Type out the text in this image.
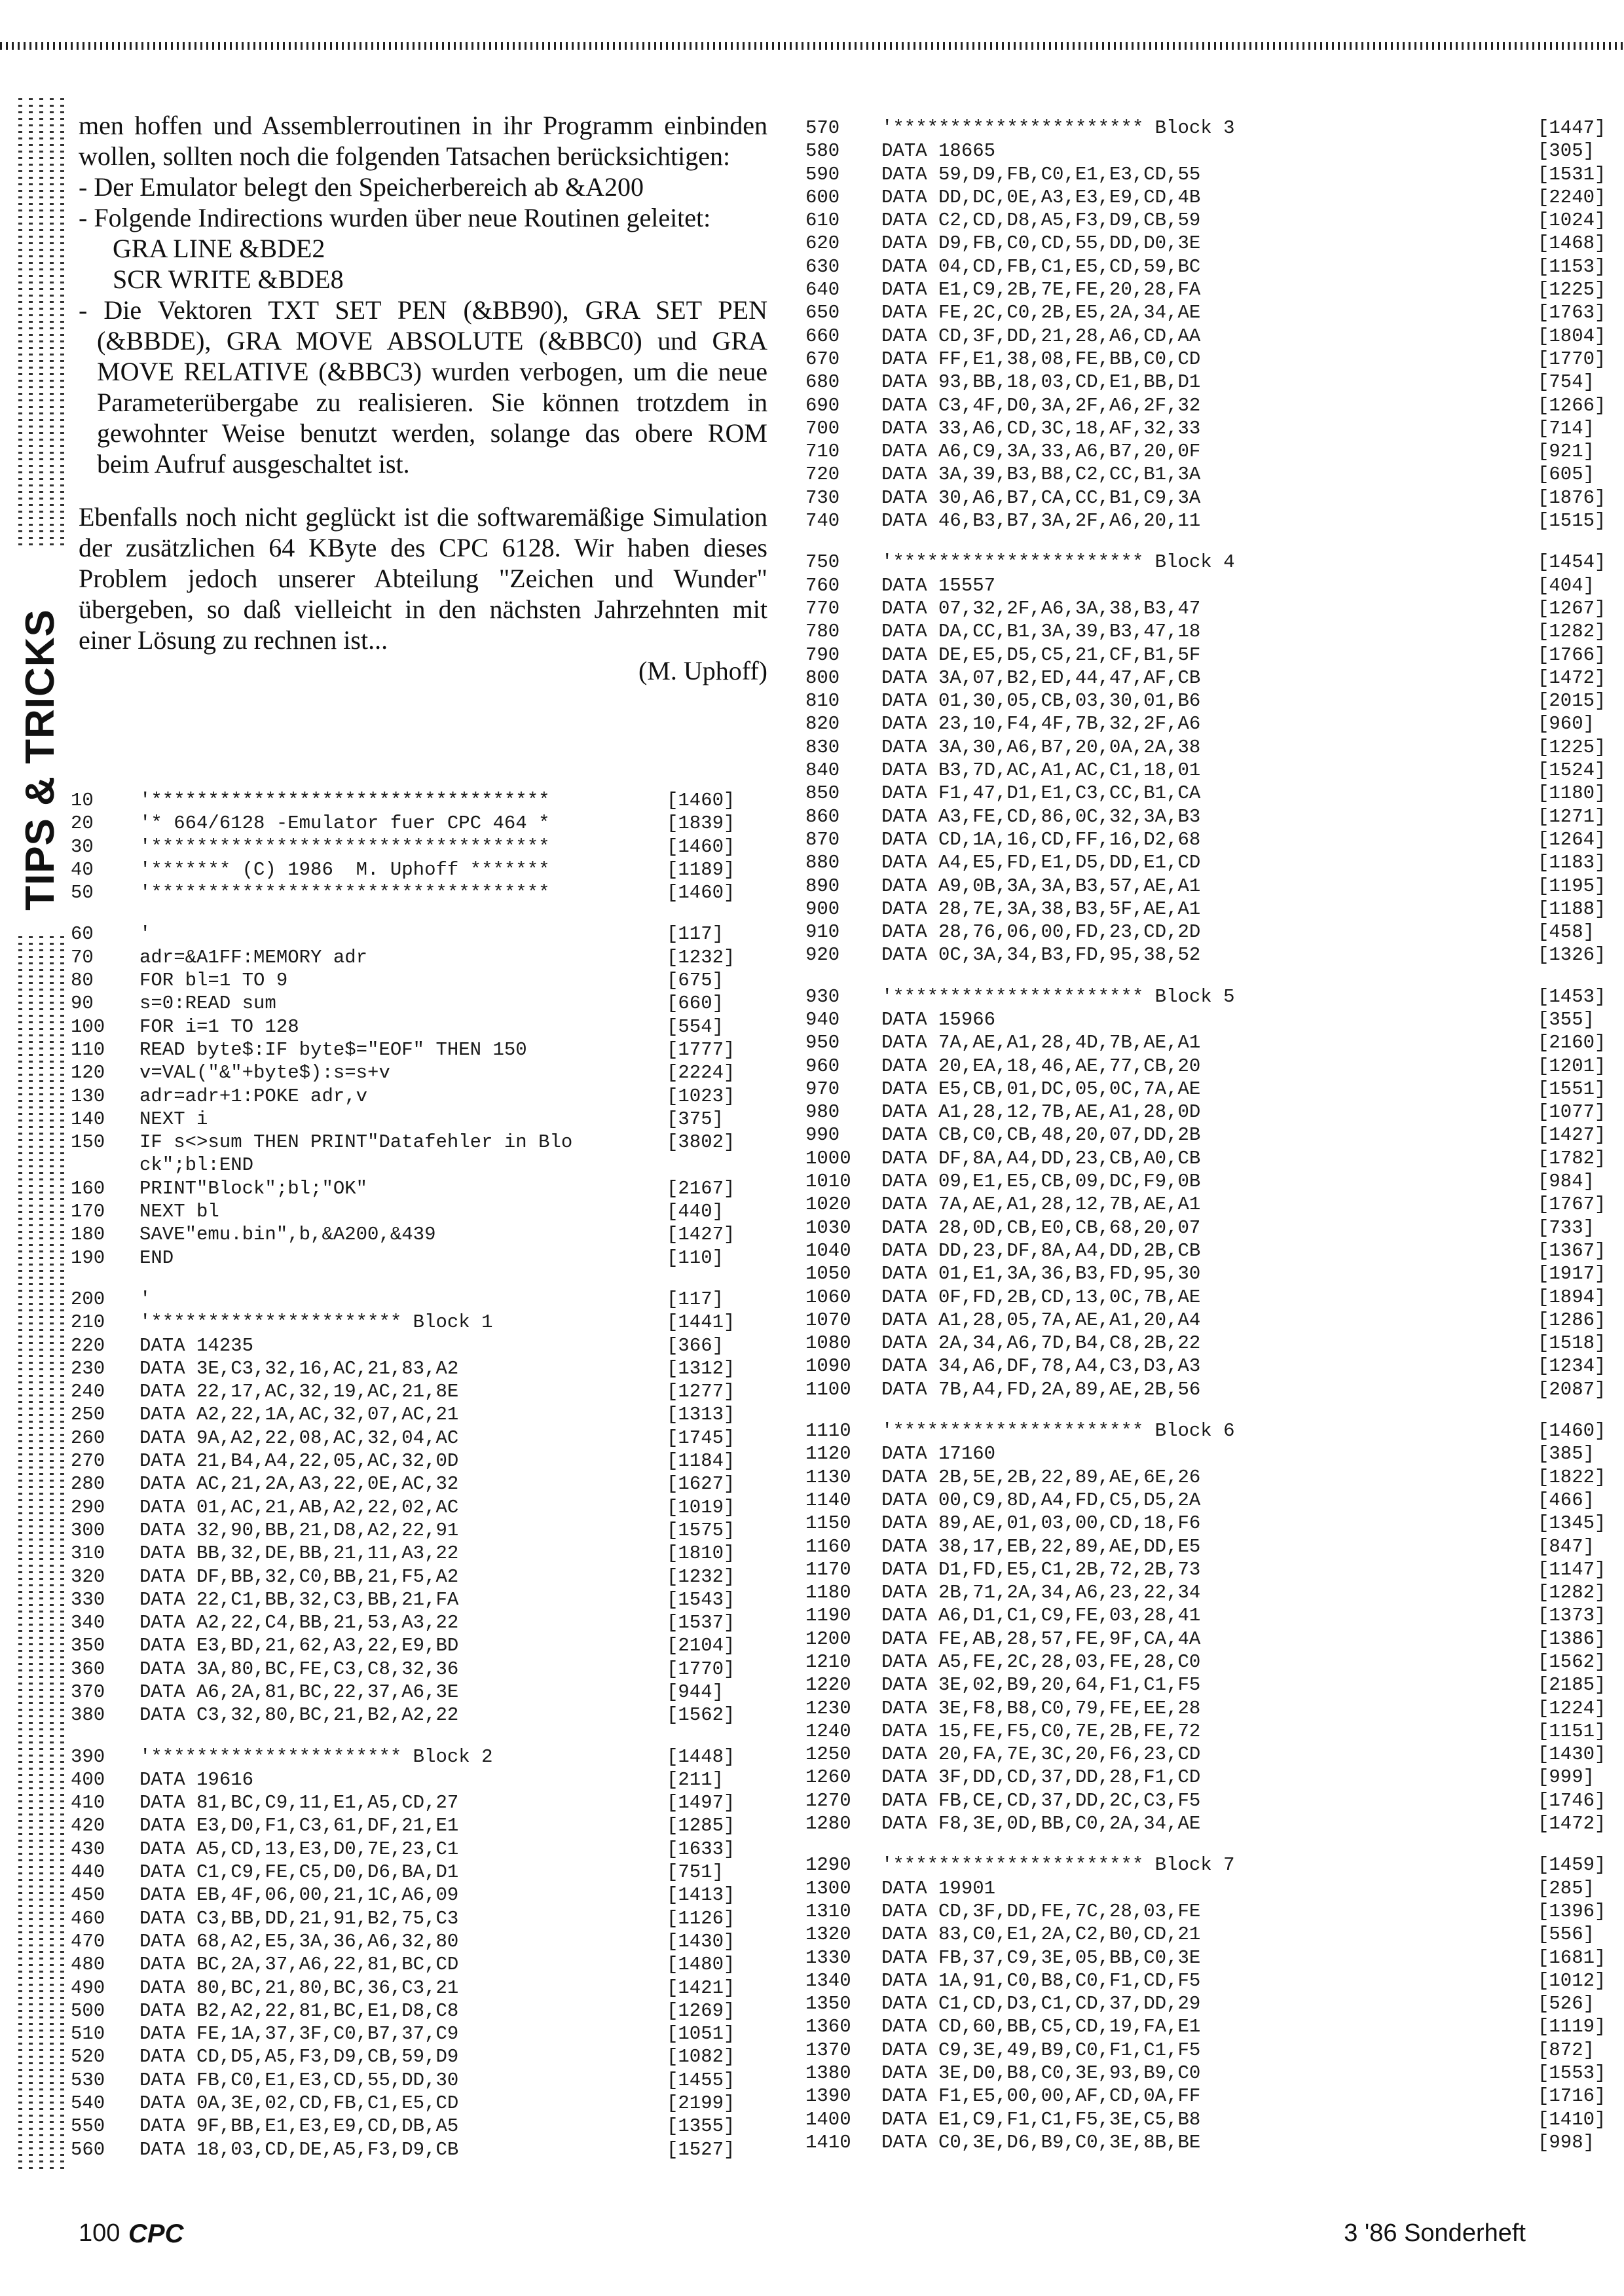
TIPS & TRICKS

men hoffen und Assemblerroutinen in ihr Programm einbinden wollen, sollten noch die folgenden Tatsachen berücksichtigen:

- Der Emulator belegt den Speicherbereich ab &A200
- Folgende Indirections wurden über neue Routinen geleitet:
GRA LINE &BDE2
SCR WRITE &BDE8
- Die Vektoren TXT SET PEN (&BB90), GRA SET PEN (&BBDE), GRA MOVE ABSOLUTE (&BBC0) und GRA MOVE RELATIVE (&BBC3) wurden verbogen, um die neue Parameterübergabe zu realisieren. Sie können trotzdem in gewohnter Weise benutzt werden, solange das obere ROM beim Aufruf ausgeschaltet ist.

Ebenfalls noch nicht geglückt ist die softwaremäßige Simulation der zusätzlichen 64 KByte des CPC 6128. Wir haben dieses Problem jedoch unserer Abteilung "Zeichen und Wunder" übergeben, so daß vielleicht in den nächsten Jahrzehnten mit einer Lösung zu rechnen ist...

(M. Uphoff)

10	'***********************************	[1460]
20	'* 664/6128 -Emulator fuer CPC 464 *	[1839]
30	'***********************************	[1460]
40	'******* (C) 1986  M. Uphoff *******	[1189]
50	'***********************************	[1460]
60	'	[117]
70	adr=&A1FF:MEMORY adr	[1232]
80	FOR bl=1 TO 9	[675]
90	s=0:READ sum	[660]
100	FOR i=1 TO 128	[554]
110	READ byte$:IF byte$="EOF" THEN 150	[1777]
120	v=VAL("&"+byte$):s=s+v	[2224]
130	adr=adr+1:POKE adr,v	[1023]
140	NEXT i	[375]
150	IF s<>sum THEN PRINT"Datafehler in Blo	[3802]
ck";bl:END
160	PRINT"Block";bl;"OK"	[2167]
170	NEXT bl	[440]
180	SAVE"emu.bin",b,&A200,&439	[1427]
190	END	[110]
200	'	[117]
210	'********************** Block 1	[1441]
220	DATA 14235	[366]
230	DATA 3E,C3,32,16,AC,21,83,A2	[1312]
240	DATA 22,17,AC,32,19,AC,21,8E	[1277]
250	DATA A2,22,1A,AC,32,07,AC,21	[1313]
260	DATA 9A,A2,22,08,AC,32,04,AC	[1745]
270	DATA 21,B4,A4,22,05,AC,32,0D	[1184]
280	DATA AC,21,2A,A3,22,0E,AC,32	[1627]
290	DATA 01,AC,21,AB,A2,22,02,AC	[1019]
300	DATA 32,90,BB,21,D8,A2,22,91	[1575]
310	DATA BB,32,DE,BB,21,11,A3,22	[1810]
320	DATA DF,BB,32,C0,BB,21,F5,A2	[1232]
330	DATA 22,C1,BB,32,C3,BB,21,FA	[1543]
340	DATA A2,22,C4,BB,21,53,A3,22	[1537]
350	DATA E3,BD,21,62,A3,22,E9,BD	[2104]
360	DATA 3A,80,BC,FE,C3,C8,32,36	[1770]
370	DATA A6,2A,81,BC,22,37,A6,3E	[944]
380	DATA C3,32,80,BC,21,B2,A2,22	[1562]
390	'********************** Block 2	[1448]
400	DATA 19616	[211]
410	DATA 81,BC,C9,11,E1,A5,CD,27	[1497]
420	DATA E3,D0,F1,C3,61,DF,21,E1	[1285]
430	DATA A5,CD,13,E3,D0,7E,23,C1	[1633]
440	DATA C1,C9,FE,C5,D0,D6,BA,D1	[751]
450	DATA EB,4F,06,00,21,1C,A6,09	[1413]
460	DATA C3,BB,DD,21,91,B2,75,C3	[1126]
470	DATA 68,A2,E5,3A,36,A6,32,80	[1430]
480	DATA BC,2A,37,A6,22,81,BC,CD	[1480]
490	DATA 80,BC,21,80,BC,36,C3,21	[1421]
500	DATA B2,A2,22,81,BC,E1,D8,C8	[1269]
510	DATA FE,1A,37,3F,C0,B7,37,C9	[1051]
520	DATA CD,D5,A5,F3,D9,CB,59,D9	[1082]
530	DATA FB,C0,E1,E3,CD,55,DD,30	[1455]
540	DATA 0A,3E,02,CD,FB,C1,E5,CD	[2199]
550	DATA 9F,BB,E1,E3,E9,CD,DB,A5	[1355]
560	DATA 18,03,CD,DE,A5,F3,D9,CB	[1527]
570	'********************** Block 3	[1447]
580	DATA 18665	[305]
590	DATA 59,D9,FB,C0,E1,E3,CD,55	[1531]
600	DATA DD,DC,0E,A3,E3,E9,CD,4B	[2240]
610	DATA C2,CD,D8,A5,F3,D9,CB,59	[1024]
620	DATA D9,FB,C0,CD,55,DD,D0,3E	[1468]
630	DATA 04,CD,FB,C1,E5,CD,59,BC	[1153]
640	DATA E1,C9,2B,7E,FE,20,28,FA	[1225]
650	DATA FE,2C,C0,2B,E5,2A,34,AE	[1763]
660	DATA CD,3F,DD,21,28,A6,CD,AA	[1804]
670	DATA FF,E1,38,08,FE,BB,C0,CD	[1770]
680	DATA 93,BB,18,03,CD,E1,BB,D1	[754]
690	DATA C3,4F,D0,3A,2F,A6,2F,32	[1266]
700	DATA 33,A6,CD,3C,18,AF,32,33	[714]
710	DATA A6,C9,3A,33,A6,B7,20,0F	[921]
720	DATA 3A,39,B3,B8,C2,CC,B1,3A	[605]
730	DATA 30,A6,B7,CA,CC,B1,C9,3A	[1876]
740	DATA 46,B3,B7,3A,2F,A6,20,11	[1515]
750	'********************** Block 4	[1454]
760	DATA 15557	[404]
770	DATA 07,32,2F,A6,3A,38,B3,47	[1267]
780	DATA DA,CC,B1,3A,39,B3,47,18	[1282]
790	DATA DE,E5,D5,C5,21,CF,B1,5F	[1766]
800	DATA 3A,07,B2,ED,44,47,AF,CB	[1472]
810	DATA 01,30,05,CB,03,30,01,B6	[2015]
820	DATA 23,10,F4,4F,7B,32,2F,A6	[960]
830	DATA 3A,30,A6,B7,20,0A,2A,38	[1225]
840	DATA B3,7D,AC,A1,AC,C1,18,01	[1524]
850	DATA F1,47,D1,E1,C3,CC,B1,CA	[1180]
860	DATA A3,FE,CD,86,0C,32,3A,B3	[1271]
870	DATA CD,1A,16,CD,FF,16,D2,68	[1264]
880	DATA A4,E5,FD,E1,D5,DD,E1,CD	[1183]
890	DATA A9,0B,3A,3A,B3,57,AE,A1	[1195]
900	DATA 28,7E,3A,38,B3,5F,AE,A1	[1188]
910	DATA 28,76,06,00,FD,23,CD,2D	[458]
920	DATA 0C,3A,34,B3,FD,95,38,52	[1326]
930	'********************** Block 5	[1453]
940	DATA 15966	[355]
950	DATA 7A,AE,A1,28,4D,7B,AE,A1	[2160]
960	DATA 20,EA,18,46,AE,77,CB,20	[1201]
970	DATA E5,CB,01,DC,05,0C,7A,AE	[1551]
980	DATA A1,28,12,7B,AE,A1,28,0D	[1077]
990	DATA CB,C0,CB,48,20,07,DD,2B	[1427]
1000	DATA DF,8A,A4,DD,23,CB,A0,CB	[1782]
1010	DATA 09,E1,E5,CB,09,DC,F9,0B	[984]
1020	DATA 7A,AE,A1,28,12,7B,AE,A1	[1767]
1030	DATA 28,0D,CB,E0,CB,68,20,07	[733]
1040	DATA DD,23,DF,8A,A4,DD,2B,CB	[1367]
1050	DATA 01,E1,3A,36,B3,FD,95,30	[1917]
1060	DATA 0F,FD,2B,CD,13,0C,7B,AE	[1894]
1070	DATA A1,28,05,7A,AE,A1,20,A4	[1286]
1080	DATA 2A,34,A6,7D,B4,C8,2B,22	[1518]
1090	DATA 34,A6,DF,78,A4,C3,D3,A3	[1234]
1100	DATA 7B,A4,FD,2A,89,AE,2B,56	[2087]
1110	'********************** Block 6	[1460]
1120	DATA 17160	[385]
1130	DATA 2B,5E,2B,22,89,AE,6E,26	[1822]
1140	DATA 00,C9,8D,A4,FD,C5,D5,2A	[466]
1150	DATA 89,AE,01,03,00,CD,18,F6	[1345]
1160	DATA 38,17,EB,22,89,AE,DD,E5	[847]
1170	DATA D1,FD,E5,C1,2B,72,2B,73	[1147]
1180	DATA 2B,71,2A,34,A6,23,22,34	[1282]
1190	DATA A6,D1,C1,C9,FE,03,28,41	[1373]
1200	DATA FE,AB,28,57,FE,9F,CA,4A	[1386]
1210	DATA A5,FE,2C,28,03,FE,28,C0	[1562]
1220	DATA 3E,02,B9,20,64,F1,C1,F5	[2185]
1230	DATA 3E,F8,B8,C0,79,FE,EE,28	[1224]
1240	DATA 15,FE,F5,C0,7E,2B,FE,72	[1151]
1250	DATA 20,FA,7E,3C,20,F6,23,CD	[1430]
1260	DATA 3F,DD,CD,37,DD,28,F1,CD	[999]
1270	DATA FB,CE,CD,37,DD,2C,C3,F5	[1746]
1280	DATA F8,3E,0D,BB,C0,2A,34,AE	[1472]
1290	'********************** Block 7	[1459]
1300	DATA 19901	[285]
1310	DATA CD,3F,DD,FE,7C,28,03,FE	[1396]
1320	DATA 83,C0,E1,2A,C2,B0,CD,21	[556]
1330	DATA FB,37,C9,3E,05,BB,C0,3E	[1681]
1340	DATA 1A,91,C0,B8,C0,F1,CD,F5	[1012]
1350	DATA C1,CD,D3,C1,CD,37,DD,29	[526]
1360	DATA CD,60,BB,C5,CD,19,FA,E1	[1119]
1370	DATA C9,3E,49,B9,C0,F1,C1,F5	[872]
1380	DATA 3E,D0,B8,C0,3E,93,B9,C0	[1553]
1390	DATA F1,E5,00,00,AF,CD,0A,FF	[1716]
1400	DATA E1,C9,F1,C1,F5,3E,C5,B8	[1410]
1410	DATA C0,3E,D6,B9,C0,3E,8B,BE	[998]
100 CPC	3 '86 Sonderheft
